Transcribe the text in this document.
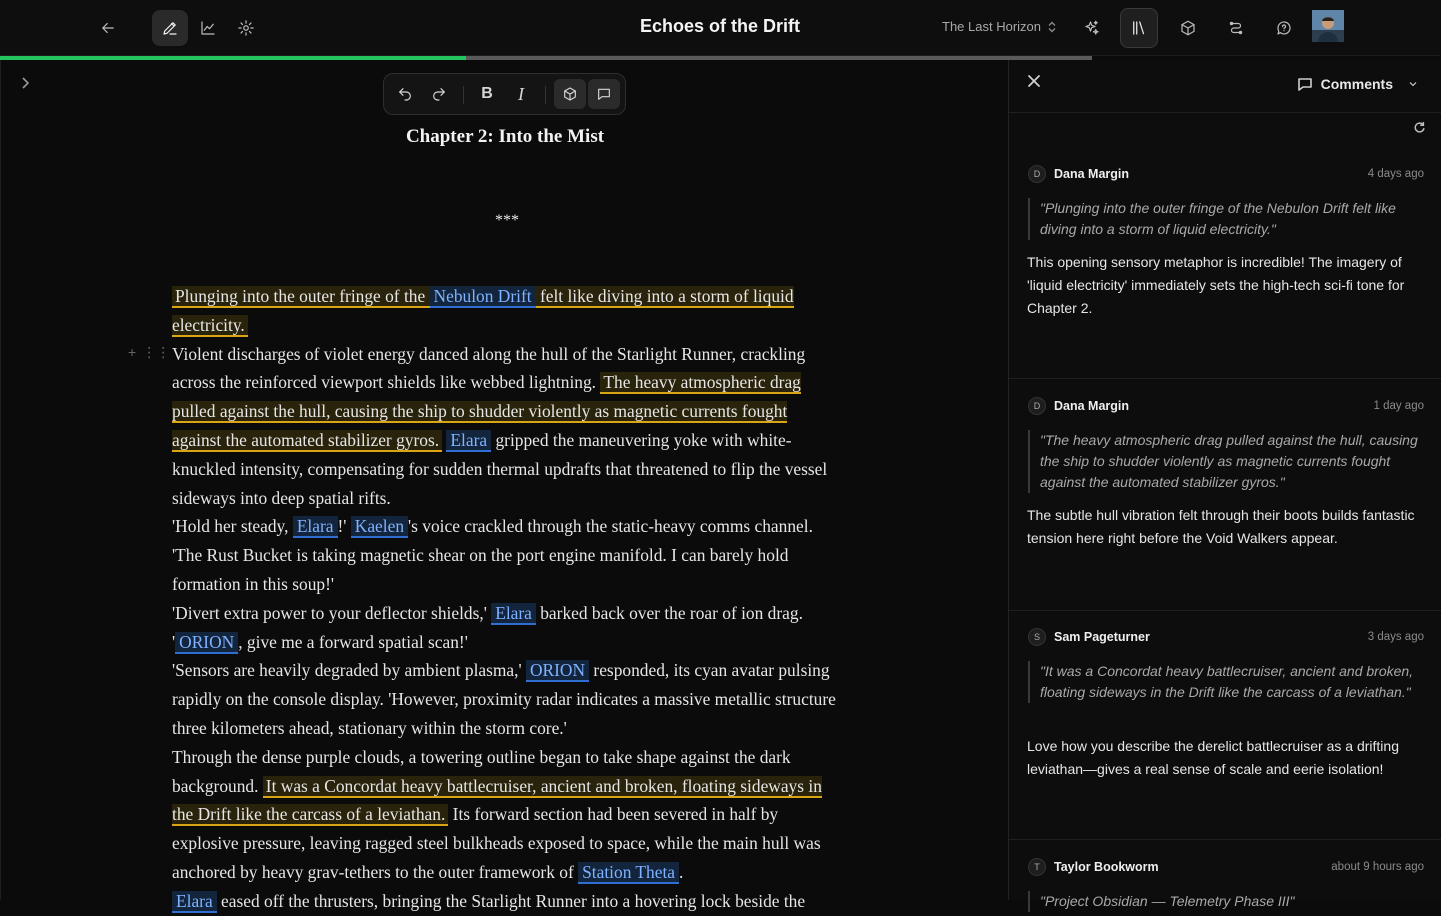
Echoes of the Drift	The Last Horizon
B I
Chapter 2: Into the Mist
***
+ ⋮⋮

Plunging into the outer fringe of the Nebulon Drift felt like diving into a storm of liquid electricity.

Violent discharges of violet energy danced along the hull of the Starlight Runner, crackling across the reinforced viewport shields like webbed lightning. The heavy atmospheric drag pulled against the hull, causing the ship to shudder violently as magnetic currents fought against the automated stabilizer gyros. Elara gripped the maneuvering yoke with white-knuckled intensity, compensating for sudden thermal updrafts that threatened to flip the vessel sideways into deep spatial rifts.

'Hold her steady, Elara !' Kaelen 's voice crackled through the static-heavy comms channel. 'The Rust Bucket is taking magnetic shear on the port engine manifold. I can barely hold formation in this soup!'

'Divert extra power to your deflector shields,' Elara barked back over the roar of ion drag. ' ORION , give me a forward spatial scan!'

'Sensors are heavily degraded by ambient plasma,' ORION responded, its cyan avatar pulsing rapidly on the console display. 'However, proximity radar indicates a massive metallic structure three kilometers ahead, stationary within the storm core.'

Through the dense purple clouds, a towering outline began to take shape against the dark background. It was a Concordat heavy battlecruiser, ancient and broken, floating sideways in the Drift like the carcass of a leviathan. Its forward section had been severed in half by explosive pressure, leaving ragged steel bulkheads exposed to space, while the main hull was anchored by heavy grav-tethers to the outer framework of Station Theta .

Elara eased off the thrusters, bringing the Starlight Runner into a hovering lock beside the

Comments
D	Dana Margin	4 days ago
"Plunging into the outer fringe of the Nebulon Drift felt like diving into a storm of liquid electricity."
This opening sensory metaphor is incredible! The imagery of 'liquid electricity' immediately sets the high-tech sci-fi tone for Chapter 2.
D	Dana Margin	1 day ago
"The heavy atmospheric drag pulled against the hull, causing the ship to shudder violently as magnetic currents fought against the automated stabilizer gyros."
The subtle hull vibration felt through their boots builds fantastic tension here right before the Void Walkers appear.
S	Sam Pageturner	3 days ago
"It was a Concordat heavy battlecruiser, ancient and broken, floating sideways in the Drift like the carcass of a leviathan."
Love how you describe the derelict battlecruiser as a drifting leviathan—gives a real sense of scale and eerie isolation!
T	Taylor Bookworm	about 9 hours ago
"Project Obsidian — Telemetry Phase III"
